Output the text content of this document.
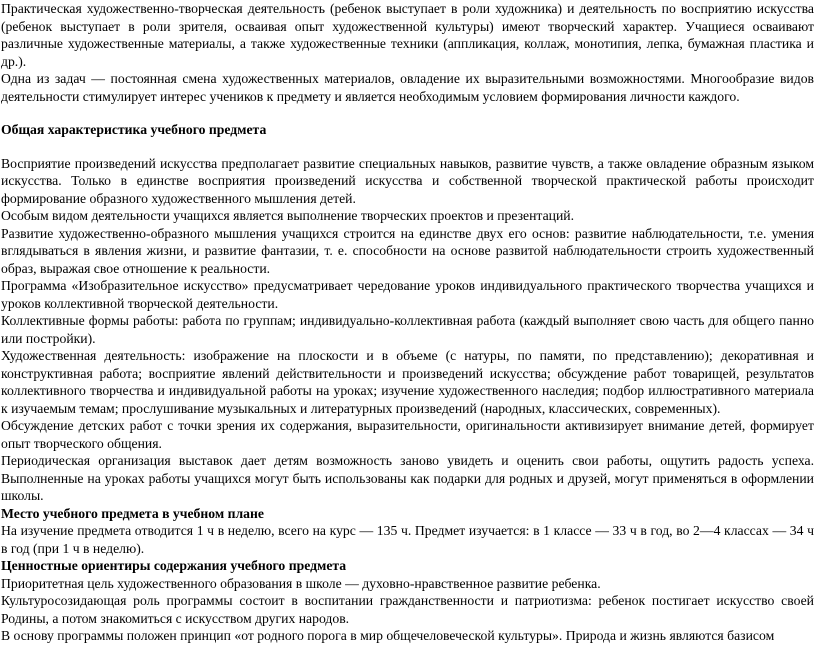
Практическая художественно-творческая деятельность (ребенок выступает в роли художника) и деятельность по восприятию искусства (ребенок выступает в роли зрителя, осваивая опыт художественной культуры) имеют творческий характер. Учащиеся осваивают различные художественные материалы, а также художественные техники (аппликация, коллаж, монотипия, лепка, бумажная пластика и др.).

Одна из задач — постоянная смена художественных материалов, овладение их выразительными возможностями. Многообразие видов деятельности стимулирует интерес учеников к предмету и является необходимым условием формирования личности каждого.

Общая характеристика учебного предмета

Восприятие произведений искусства предполагает развитие специальных навыков, развитие чувств, а также овладение образным языком искусства. Только в единстве восприятия произведений искусства и собственной творческой практической работы происходит формирование образного художественного мышления детей.

Особым видом деятельности учащихся является выполнение творческих проектов и презентаций.

Развитие художественно-образного мышления учащихся строится на единстве двух его основ: развитие наблюдательности, т.е. умения вглядываться в явления жизни, и развитие фантазии, т. е. способности на основе развитой наблюдательности строить художественный образ, выражая свое отношение к реальности.

Программа «Изобразительное искусство» предусматривает чередование уроков индивидуального практического творчества учащихся и уроков коллективной творческой деятельности.

Коллективные формы работы: работа по группам; индивидуально-коллективная работа (каждый выполняет свою часть для общего панно или постройки).

Художественная деятельность: изображение на плоскости и в объеме (с натуры, по памяти, по представлению); декоративная и конструктивная работа; восприятие явлений действительности и произведений искусства; обсуждение работ товарищей, результатов коллективного творчества и индивидуальной работы на уроках; изучение художественного наследия; подбор иллюстративного материала к изучаемым темам; прослушивание музыкальных и литературных произведений (народных, классических, современных).

Обсуждение детских работ с точки зрения их содержания, выразительности, оригинальности активизирует внимание детей, формирует опыт творческого общения.

Периодическая организация выставок дает детям возможность заново увидеть и оценить свои работы, ощутить радость успеха. Выполненные на уроках работы учащихся могут быть использованы как подарки для родных и друзей, могут применяться в оформлении школы.

Место учебного предмета в учебном плане

На изучение предмета отводится 1 ч в неделю, всего на курс — 135 ч. Предмет изучается: в 1 классе — 33 ч в год, во 2—4 классах — 34 ч в год (при 1 ч в неделю).

Ценностные ориентиры содержания учебного предмета

Приоритетная цель художественного образования в школе — духовно-нравственное развитие ребенка.

Культуросозидающая роль программы состоит в воспитании гражданственности и патриотизма: ребенок постигает искусство своей Родины, а потом знакомиться с искусством других народов.

В основу программы положен принцип «от родного порога в мир общечеловеческой культуры». Природа и жизнь являются базисом
